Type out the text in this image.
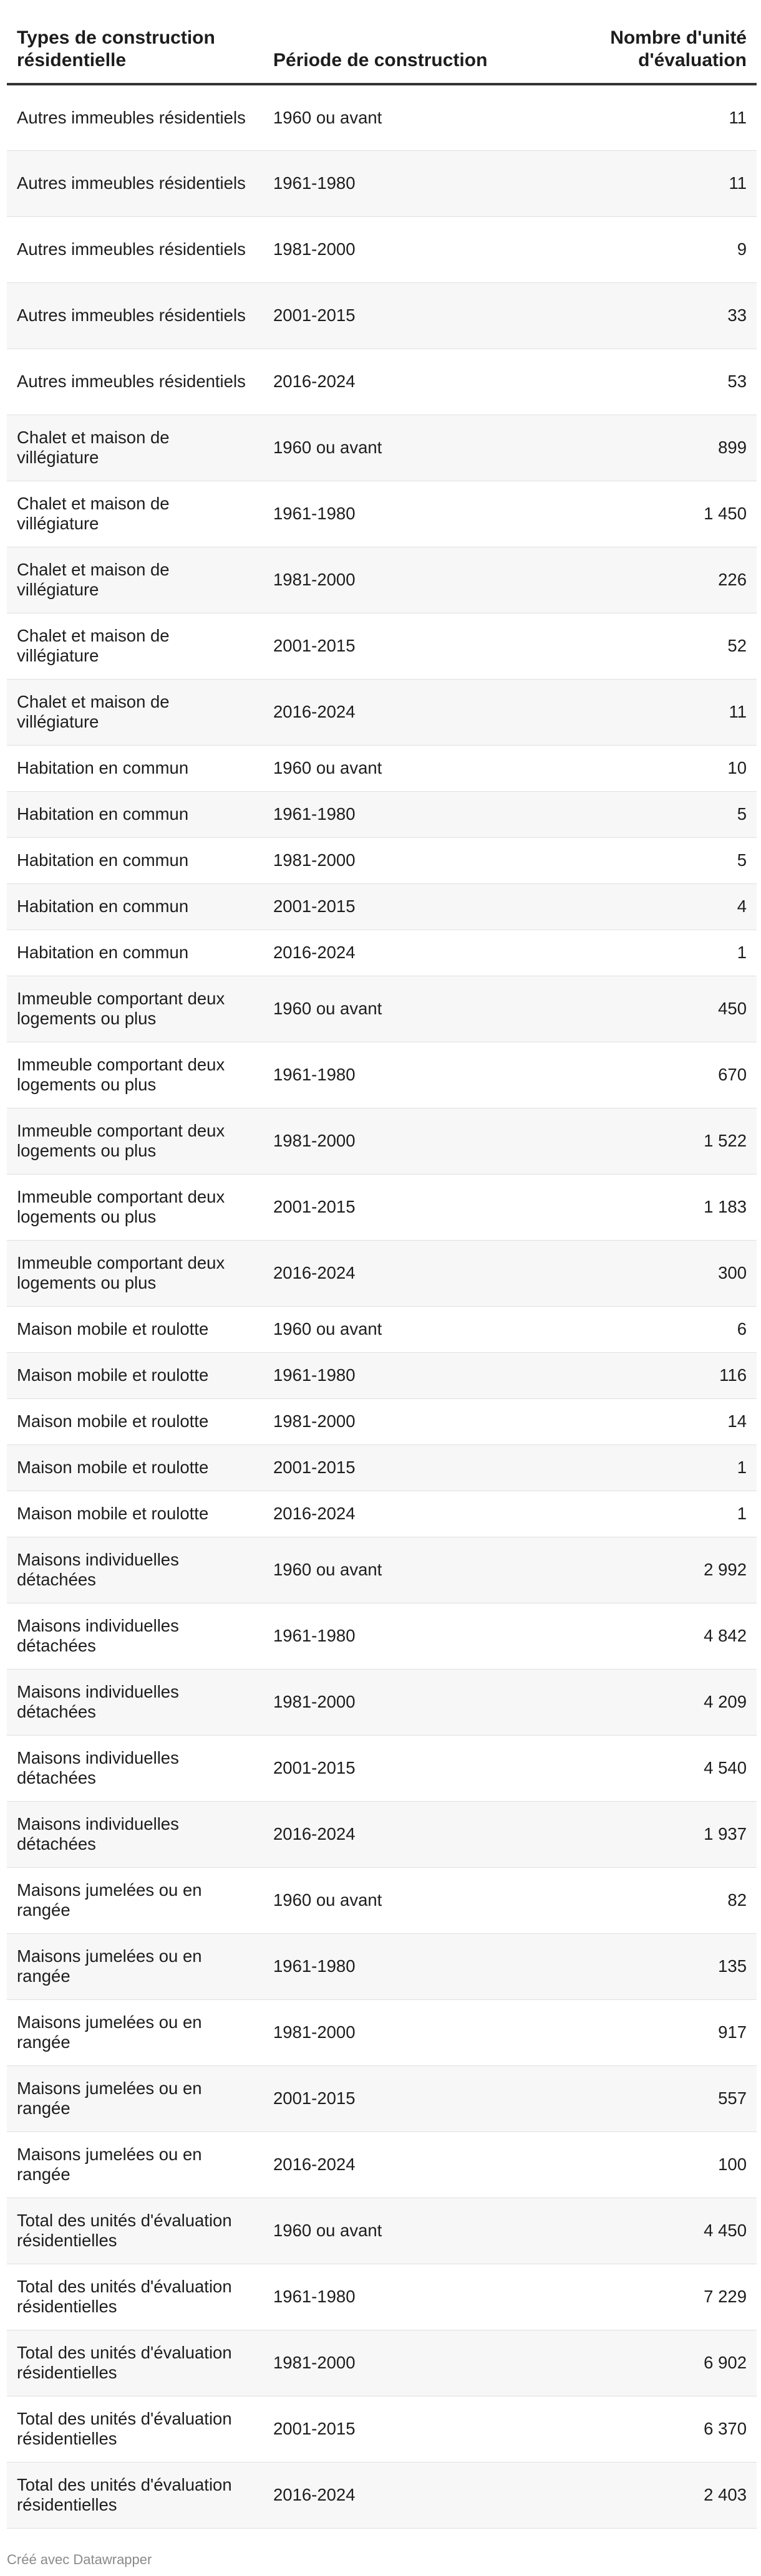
Types de construction résidentielle	Période de construction	Nombre d'unité d'évaluation
Autres immeubles résidentiels	1960 ou avant	11
Autres immeubles résidentiels	1961-1980	11
Autres immeubles résidentiels	1981-2000	9
Autres immeubles résidentiels	2001-2015	33
Autres immeubles résidentiels	2016-2024	53
Chalet et maison de villégiature	1960 ou avant	899
Chalet et maison de villégiature	1961-1980	1 450
Chalet et maison de villégiature	1981-2000	226
Chalet et maison de villégiature	2001-2015	52
Chalet et maison de villégiature	2016-2024	11
Habitation en commun	1960 ou avant	10
Habitation en commun	1961-1980	5
Habitation en commun	1981-2000	5
Habitation en commun	2001-2015	4
Habitation en commun	2016-2024	1
Immeuble comportant deux logements ou plus	1960 ou avant	450
Immeuble comportant deux logements ou plus	1961-1980	670
Immeuble comportant deux logements ou plus	1981-2000	1 522
Immeuble comportant deux logements ou plus	2001-2015	1 183
Immeuble comportant deux logements ou plus	2016-2024	300
Maison mobile et roulotte	1960 ou avant	6
Maison mobile et roulotte	1961-1980	116
Maison mobile et roulotte	1981-2000	14
Maison mobile et roulotte	2001-2015	1
Maison mobile et roulotte	2016-2024	1
Maisons individuelles détachées	1960 ou avant	2 992
Maisons individuelles détachées	1961-1980	4 842
Maisons individuelles détachées	1981-2000	4 209
Maisons individuelles détachées	2001-2015	4 540
Maisons individuelles détachées	2016-2024	1 937
Maisons jumelées ou en rangée	1960 ou avant	82
Maisons jumelées ou en rangée	1961-1980	135
Maisons jumelées ou en rangée	1981-2000	917
Maisons jumelées ou en rangée	2001-2015	557
Maisons jumelées ou en rangée	2016-2024	100
Total des unités d'évaluation résidentielles	1960 ou avant	4 450
Total des unités d'évaluation résidentielles	1961-1980	7 229
Total des unités d'évaluation résidentielles	1981-2000	6 902
Total des unités d'évaluation résidentielles	2001-2015	6 370
Total des unités d'évaluation résidentielles	2016-2024	2 403
Créé avec Datawrapper
